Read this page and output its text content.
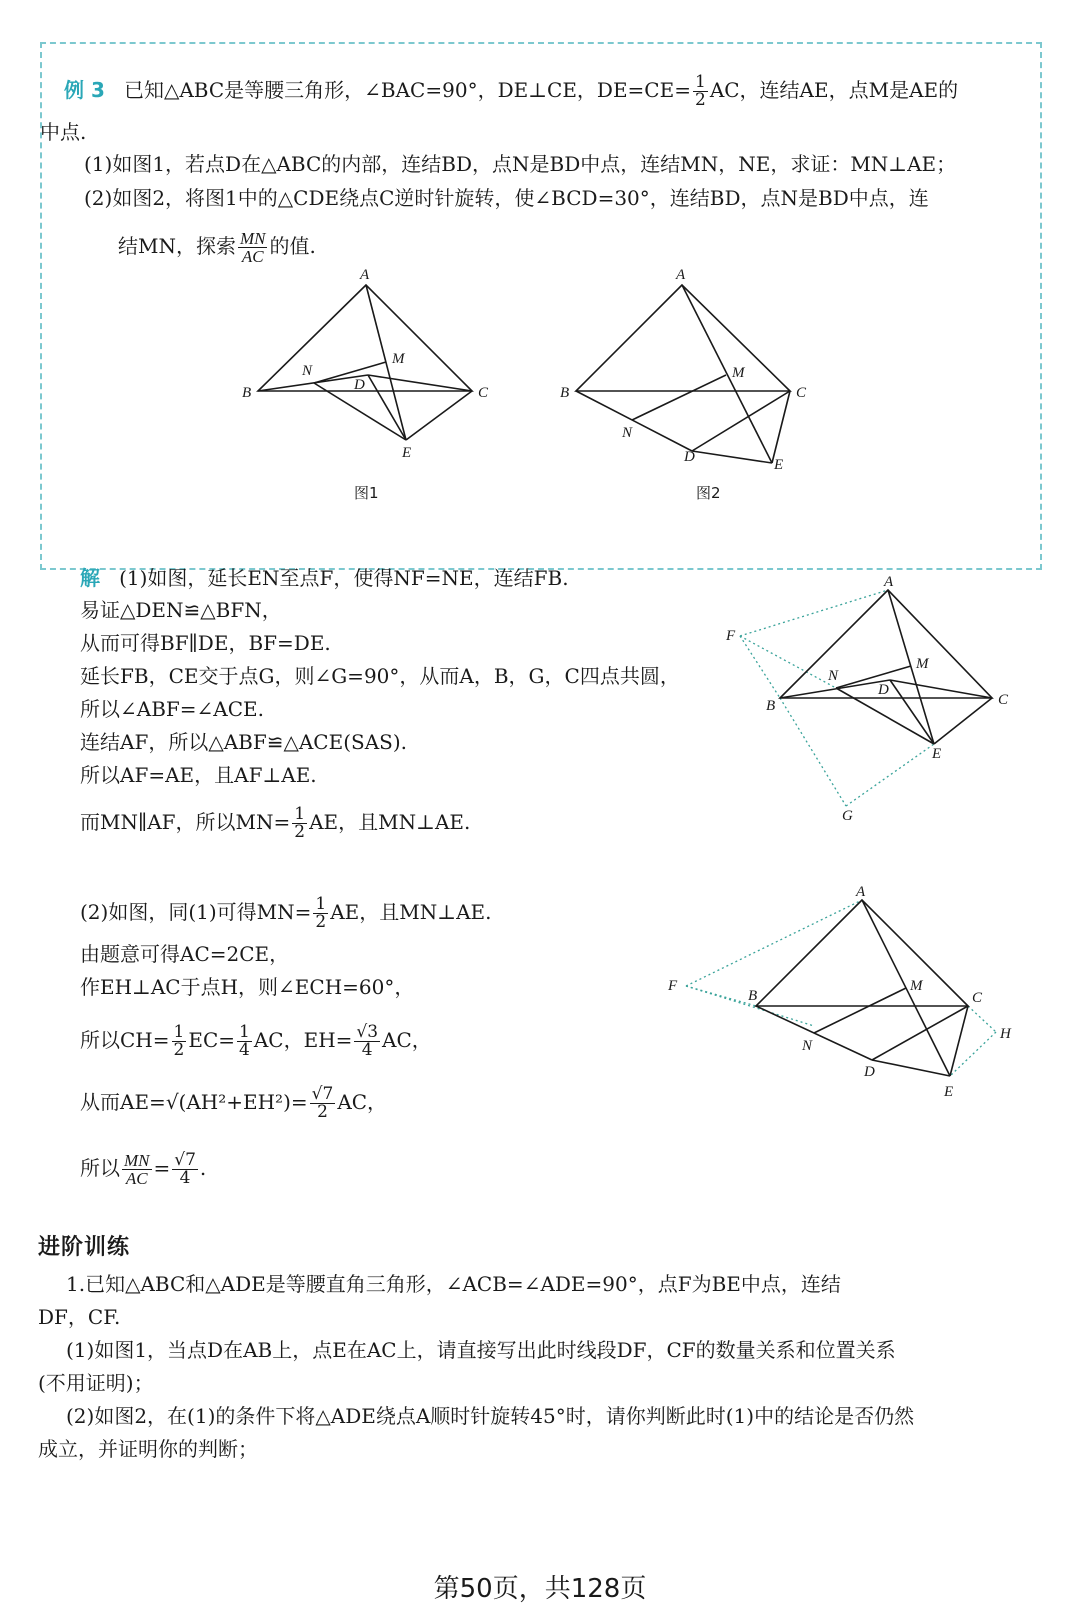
例 3 已知△ABC是等腰三角形，∠BAC=90°，DE⊥CE，$DE=CE= \frac{1}{2}$ AC，连结AE，点M是AE的
中点.
(1)如图1，若点D在△ABC的内部，连结BD，点N是BD中点，连结MN，NE，求证：MN⊥AE；
(2)如图2，将图1中的△CDE绕点C逆时针旋转，使∠BCD=30°，连结BD，点N是BD中点，连
结MN，探索 $\frac{MN}{AC}$ 的值.
A
B	C
D
E
M
N
图1
A
B	C
D	E
M
N
图2
解 (1)如图，延长EN至点F，使得NF=NE，连结FB.
易证△DEN≌△BFN，
从而可得BF∥DE，BF=DE.
延长FB，CE交于点G，则∠G=90°，从而A，B，G，C四点共圆，
所以∠ABF=∠ACE.
连结AF，所以△ABF≌△ACE(SAS).
所以AF=AE，且AF⊥AE.
而MN∥AF，所以$MN= \frac{1}{2}$ AE，且MN⊥AE.
A
B	C
D
E
F
G
M
N
(2)如图，同(1)可得$MN= \frac{1}{2}$ AE，且MN⊥AE.
由题意可得AC=2CE，
作EH⊥AC于点H，则∠ECH=60°，
所以$CH= \frac{1}{2} EC= \frac{1}{4}$ AC，$EH= \frac{√3}{4}$ AC，
从而$AE=√(AH^2+EH^2)= \frac{√7}{2}$ AC，
所以 $\frac{MN}{AC} = \frac{√7}{4}$ .
A
B	C
D
E
F
H
M
N
进阶训练
1.已知△ABC和△ADE是等腰直角三角形，∠ACB=∠ADE=90°，点F为BE中点，连结
DF，CF.
(1)如图1，当点D在AB上，点E在AC上，请直接写出此时线段DF，CF的数量关系和位置关系
(不用证明)；
(2)如图2，在(1)的条件下将△ADE绕点A顺时针旋转45°时，请你判断此时(1)中的结论是否仍然
成立，并证明你的判断；
第50页，共128页
